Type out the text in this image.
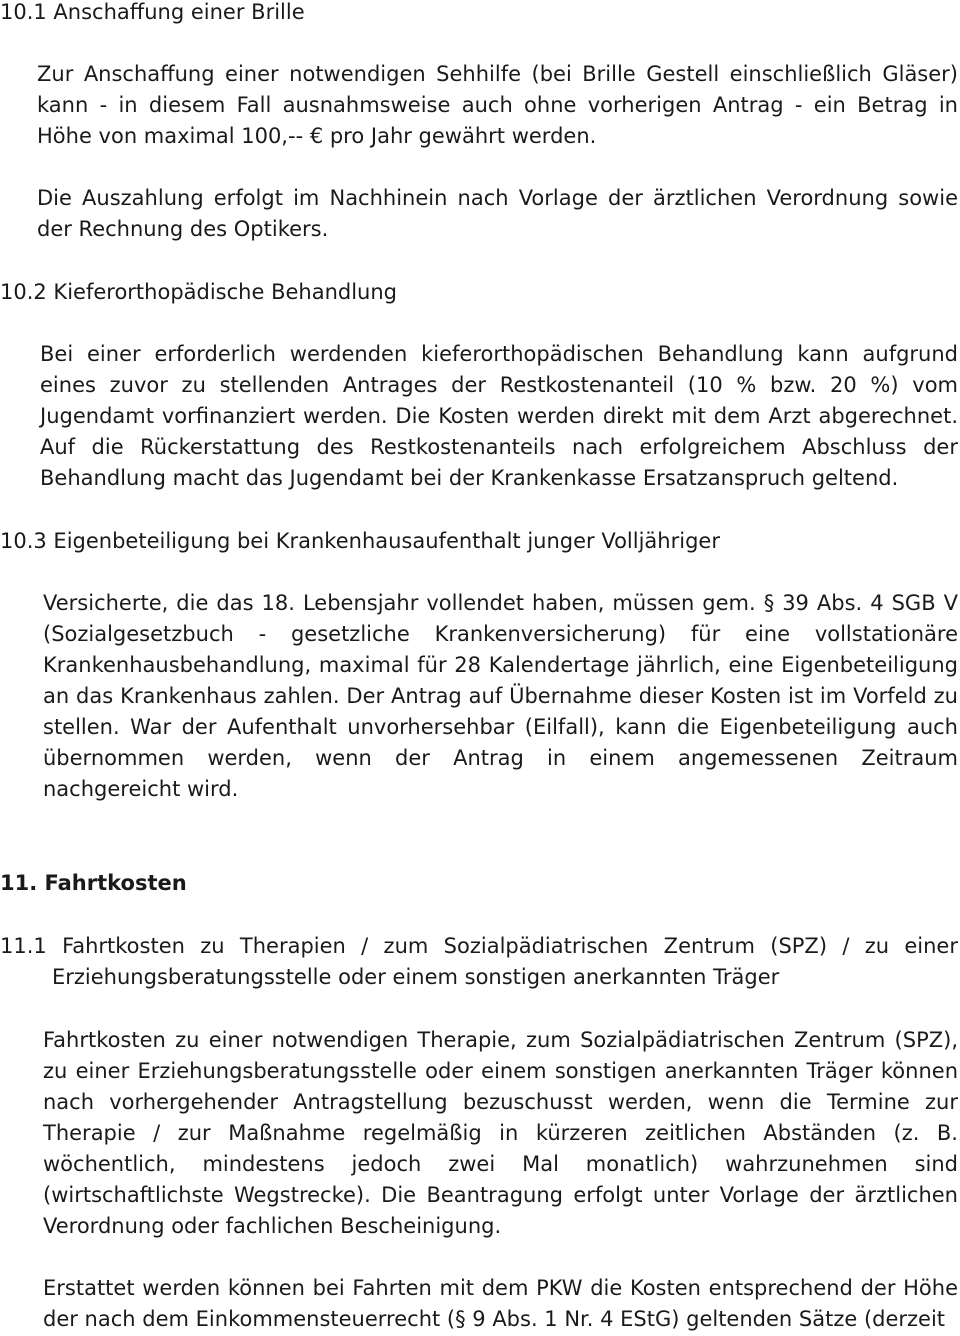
10.1 Anschaffung einer Brille

Zur Anschaffung einer notwendigen Sehhilfe (bei Brille Gestell einschließlich Gläser) kann - in diesem Fall ausnahmsweise auch ohne vorherigen Antrag - ein Betrag in Höhe von maximal 100,-- € pro Jahr gewährt werden.

Die Auszahlung erfolgt im Nachhinein nach Vorlage der ärztlichen Verordnung sowie der Rechnung des Optikers.

10.2 Kieferorthopädische Behandlung

Bei einer erforderlich werdenden kieferorthopädischen Behandlung kann aufgrund eines zuvor zu stellenden Antrages der Restkostenanteil (10 % bzw. 20 %) vom Jugendamt vorfinanziert werden. Die Kosten werden direkt mit dem Arzt abgerechnet. Auf die Rückerstattung des Restkostenanteils nach erfolgreichem Abschluss der Behandlung macht das Jugendamt bei der Krankenkasse Ersatzanspruch geltend.

10.3 Eigenbeteiligung bei Krankenhausaufenthalt junger Volljähriger

Versicherte, die das 18. Lebensjahr vollendet haben, müssen gem. § 39 Abs. 4 SGB V (Sozialgesetzbuch - gesetzliche Krankenversicherung) für eine vollstationäre Krankenhausbehandlung, maximal für 28 Kalendertage jährlich, eine Eigenbeteiligung an das Krankenhaus zahlen. Der Antrag auf Übernahme dieser Kosten ist im Vorfeld zu stellen. War der Aufenthalt unvorhersehbar (Eilfall), kann die Eigenbeteiligung auch übernommen werden, wenn der Antrag in einem angemessenen Zeitraum nachgereicht wird.

11. Fahrtkosten
11.1 Fahrtkosten zu Therapien / zum Sozialpädiatrischen Zentrum (SPZ) / zu einer Erziehungsberatungsstelle oder einem sonstigen anerkannten Träger

Fahrtkosten zu einer notwendigen Therapie, zum Sozialpädiatrischen Zentrum (SPZ), zu einer Erziehungsberatungsstelle oder einem sonstigen anerkannten Träger können nach vorhergehender Antragstellung bezuschusst werden, wenn die Termine zur Therapie / zur Maßnahme regelmäßig in kürzeren zeitlichen Abständen (z. B. wöchentlich, mindestens jedoch zwei Mal monatlich) wahrzunehmen sind (wirtschaftlichste Wegstrecke). Die Beantragung erfolgt unter Vorlage der ärztlichen Verordnung oder fachlichen Bescheinigung.

Erstattet werden können bei Fahrten mit dem PKW die Kosten entsprechend der Höhe der nach dem Einkommensteuerrecht (§ 9 Abs. 1 Nr. 4 EStG) geltenden Sätze (derzeit
